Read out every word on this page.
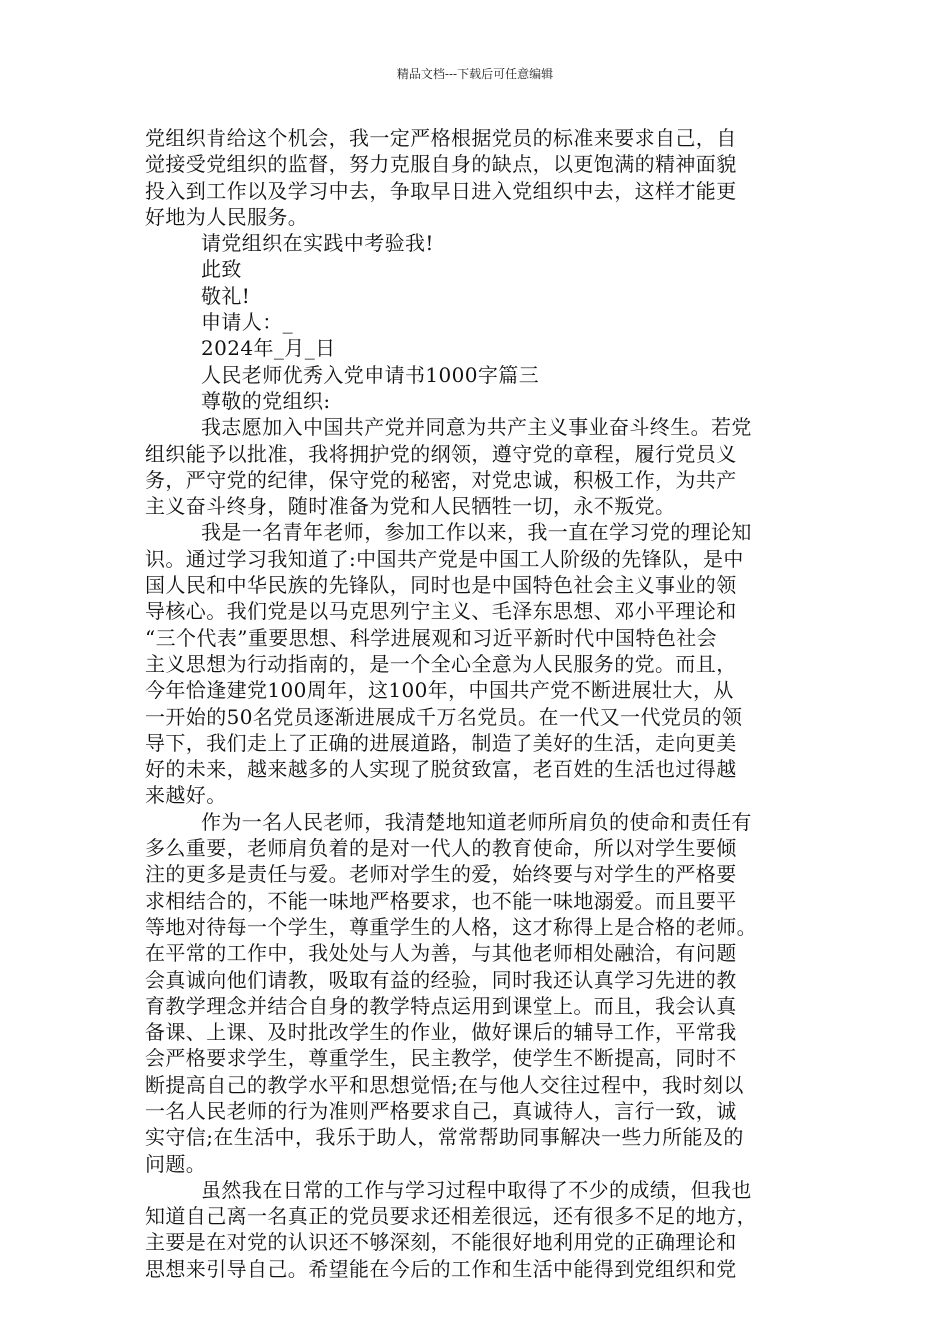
精品文档---下载后可任意编辑
党组织肯给这个机会，我一定严格根据党员的标准来要求自己，自
觉接受党组织的监督，努力克服自身的缺点，以更饱满的精神面貌
投入到工作以及学习中去，争取早日进入党组织中去，这样才能更
好地为人民服务。
请党组织在实践中考验我!
此致
敬礼!
申请人：_
2024年_月_日
人民老师优秀入党申请书1000字篇三
尊敬的党组织:
我志愿加入中国共产党并同意为共产主义事业奋斗终生。若党
组织能予以批准，我将拥护党的纲领，遵守党的章程，履行党员义
务，严守党的纪律，保守党的秘密，对党忠诚，积极工作，为共产
主义奋斗终身，随时准备为党和人民牺牲一切，永不叛党。
我是一名青年老师，参加工作以来，我一直在学习党的理论知
识。通过学习我知道了:中国共产党是中国工人阶级的先锋队，是中
国人民和中华民族的先锋队，同时也是中国特色社会主义事业的领
导核心。我们党是以马克思列宁主义、毛泽东思想、邓小平理论和
“三个代表”重要思想、科学进展观和习近平新时代中国特色社会
主义思想为行动指南的，是一个全心全意为人民服务的党。而且，
今年恰逢建党100周年，这100年，中国共产党不断进展壮大，从
一开始的50名党员逐渐进展成千万名党员。在一代又一代党员的领
导下，我们走上了正确的进展道路，制造了美好的生活，走向更美
好的未来，越来越多的人实现了脱贫致富，老百姓的生活也过得越
来越好。
作为一名人民老师，我清楚地知道老师所肩负的使命和责任有
多么重要，老师肩负着的是对一代人的教育使命，所以对学生要倾
注的更多是责任与爱。老师对学生的爱，始终要与对学生的严格要
求相结合的，不能一味地严格要求，也不能一味地溺爱。而且要平
等地对待每一个学生，尊重学生的人格，这才称得上是合格的老师。
在平常的工作中，我处处与人为善，与其他老师相处融洽，有问题
会真诚向他们请教，吸取有益的经验，同时我还认真学习先进的教
育教学理念并结合自身的教学特点运用到课堂上。而且，我会认真
备课、上课、及时批改学生的作业，做好课后的辅导工作，平常我
会严格要求学生，尊重学生，民主教学，使学生不断提高，同时不
断提高自己的教学水平和思想觉悟;在与他人交往过程中，我时刻以
一名人民老师的行为准则严格要求自己，真诚待人，言行一致，诚
实守信;在生活中，我乐于助人，常常帮助同事解决一些力所能及的
问题。
虽然我在日常的工作与学习过程中取得了不少的成绩，但我也
知道自己离一名真正的党员要求还相差很远，还有很多不足的地方，
主要是在对党的认识还不够深刻，不能很好地利用党的正确理论和
思想来引导自己。希望能在今后的工作和生活中能得到党组织和党
